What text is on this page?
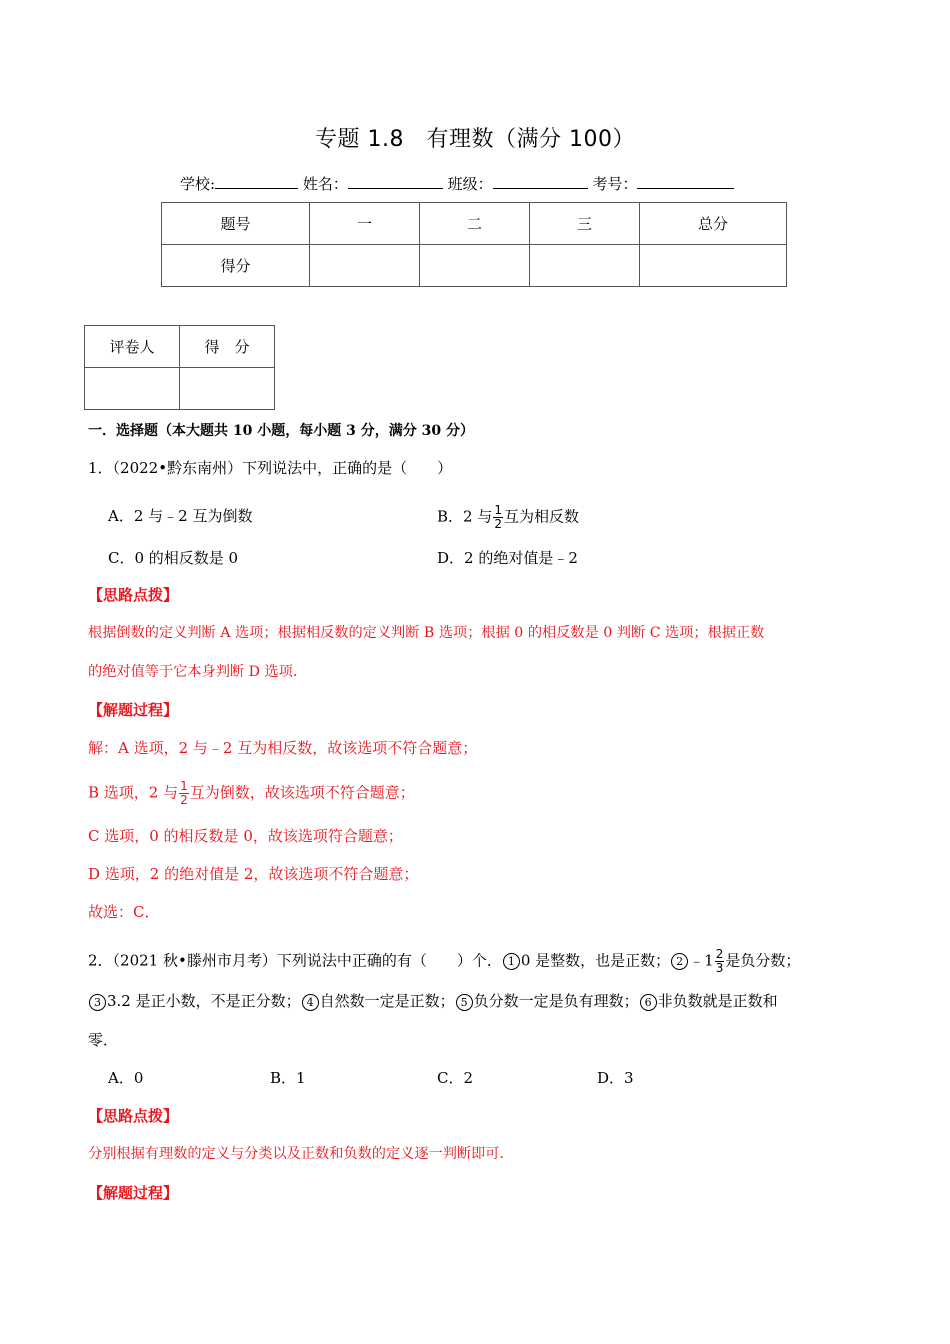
专题 1.8　有理数（满分 100）
学校:	姓名：	班级：	考号：
题号	一	二	三	总分
得分				
评卷人	得　分

一．选择题（本大题共 10 小题，每小题 3 分，满分 30 分）
1．（2022•黔东南州）下列说法中，正确的是（　　）
A．2 与﹣2 互为倒数	B．2 与 $\frac{1}{2}$ 互为相反数
C．0 的相反数是 0	D．2 的绝对值是﹣2
【思路点拨】
根据倒数的定义判断 A 选项；根据相反数的定义判断 B 选项；根据 0 的相反数是 0 判断 C 选项；根据正数
的绝对值等于它本身判断 D 选项．
【解题过程】
解：A 选项，2 与﹣2 互为相反数，故该选项不符合题意；
B 选项，2 与 $\frac{1}{2}$ 互为倒数，故该选项不符合题意；
C 选项，0 的相反数是 0，故该选项符合题意；
D 选项，2 的绝对值是 2，故该选项不符合题意；
故选：C．
2．（2021 秋•滕州市月考）下列说法中正确的有（　　）个． 1 0 是整数，也是正数； 2 ﹣1 $\frac{2}{3}$ 是负分数；
3 3.2 是正小数，不是正分数； 4 自然数一定是正数； 5 负分数一定是负有理数； 6 非负数就是正数和
零．
A．0	B．1	C．2	D．3
【思路点拨】
分别根据有理数的定义与分类以及正数和负数的定义逐一判断即可．
【解题过程】
